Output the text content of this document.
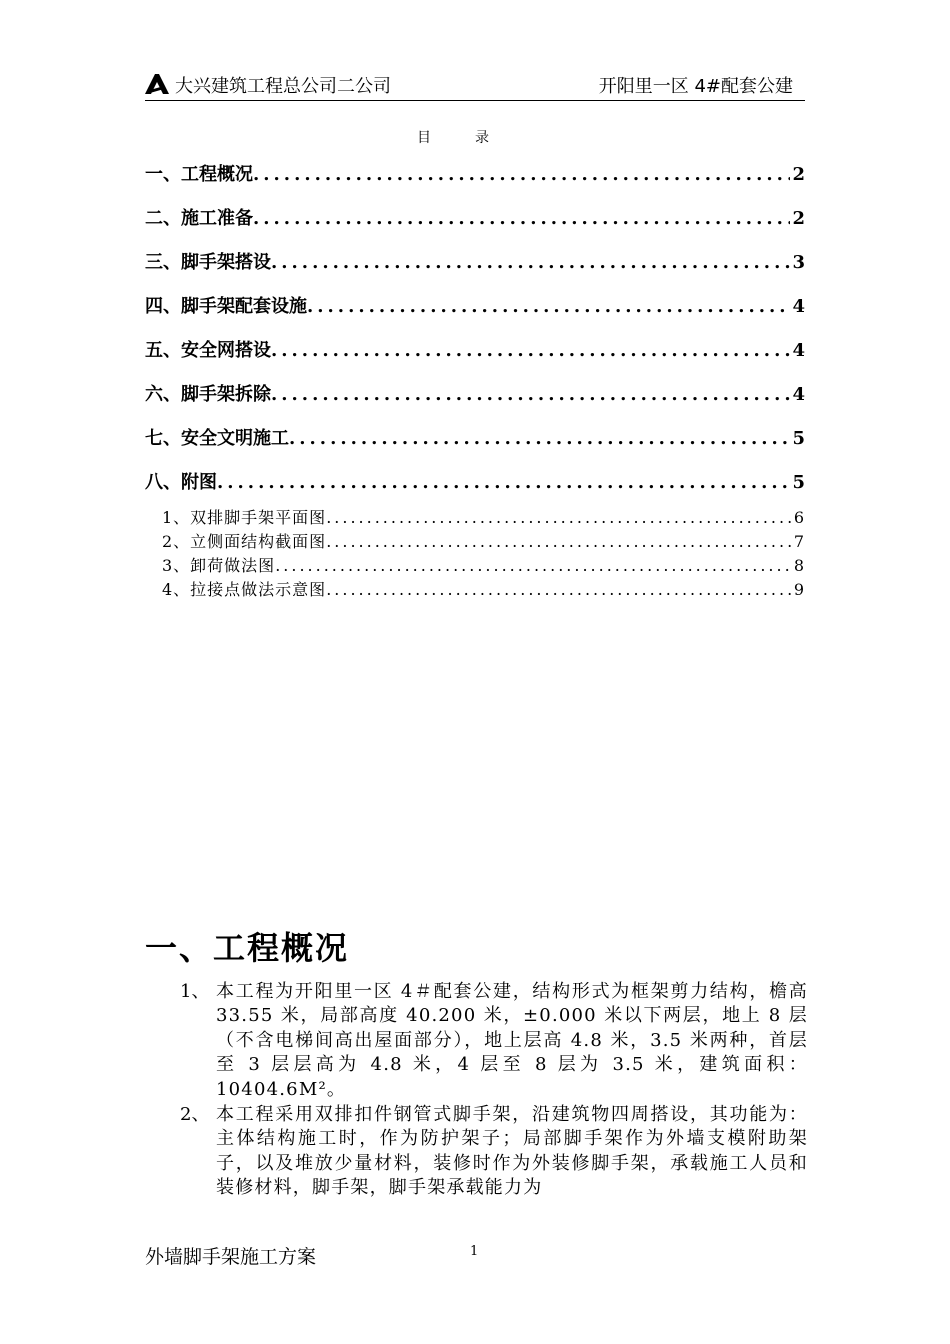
大兴建筑工程总公司二公司	开阳里一区 4#配套公建
目录
一、工程概况 .....	2
二、施工准备 .....	2
三、脚手架搭设 .....	3
四、脚手架配套设施 .....	4
五、安全网搭设 .....	4
六、脚手架拆除 .....	4
七、安全文明施工 .....	5
八、附图 .....	5
1、双排脚手架平面图 .....	6
2、立侧面结构截面图 .....	7
3、卸荷做法图 .....	8
4、拉接点做法示意图 .....	9
一、工程概况
1、 本工程为开阳里一区 4＃配套公建，结构形式为框架剪力结构，檐高 33.55 米，局部高度 40.200 米，±0.000 米以下两层，地上 8 层（不含电梯间高出屋面部分），地上层高 4.8 米，3.5 米两种，首层至 3 层层高为 4.8 米，4 层至 8 层为 3.5 米，建筑面积：10404.6M²。
2、 本工程采用双排扣件钢管式脚手架，沿建筑物四周搭设，其功能为：主体结构施工时，作为防护架子；局部脚手架作为外墙支模附助架子，以及堆放少量材料，装修时作为外装修脚手架，承载施工人员和装修材料，脚手架，脚手架承载能力为
外墙脚手架施工方案	1
